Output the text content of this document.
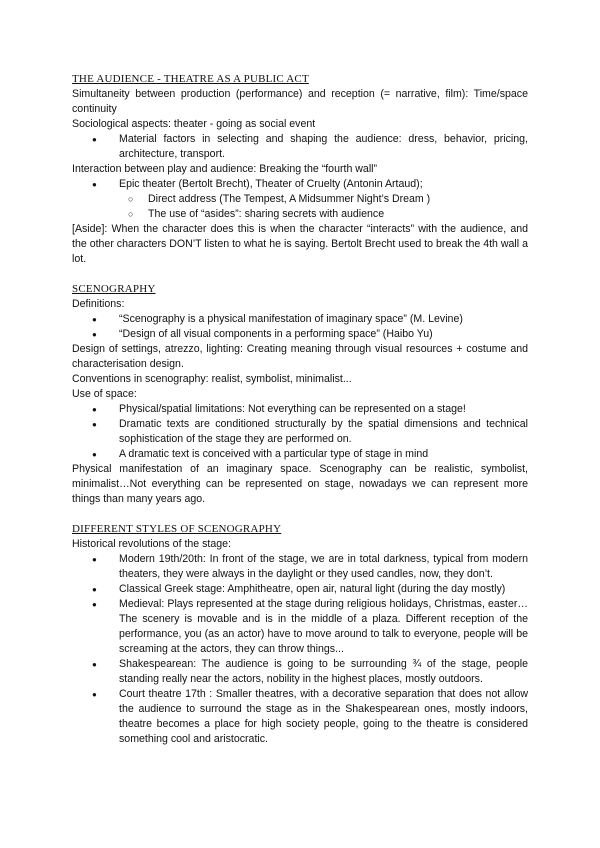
THE AUDIENCE - THEATRE AS A PUBLIC ACT

Simultaneity between production (performance) and reception (= narrative, film): Time/space continuity

Sociological aspects: theater - going as social event

● Material factors in selecting and shaping the audience: dress, behavior, pricing, architecture, transport.

Interaction between play and audience: Breaking the “fourth wall”

● Epic theater (Bertolt Brecht), Theater of Cruelty (Antonin Artaud);
○ Direct address (The Tempest, A Midsummer Night’s Dream )
○ The use of “asides”: sharing secrets with audience

[Aside]: When the character does this is when the character “interacts” with the audience, and the other characters DON’T listen to what he is saying. Bertolt Brecht used to break the 4th wall a lot.

SCENOGRAPHY

Definitions:

● “Scenography is a physical manifestation of imaginary space” (M. Levine)
● “Design of all visual components in a performing space” (Haibo Yu)

Design of settings, atrezzo, lighting: Creating meaning through visual resources + costume and characterisation design.

Conventions in scenography: realist, symbolist, minimalist...

Use of space:

● Physical/spatial limitations: Not everything can be represented on a stage!
● Dramatic texts are conditioned structurally by the spatial dimensions and technical sophistication of the stage they are performed on.
● A dramatic text is conceived with a particular type of stage in mind

Physical manifestation of an imaginary space. Scenography can be realistic, symbolist, minimalist…Not everything can be represented on stage, nowadays we can represent more things than many years ago.

DIFFERENT STYLES OF SCENOGRAPHY

Historical revolutions of the stage:

● Modern 19th/20th: In front of the stage, we are in total darkness, typical from modern theaters, they were always in the daylight or they used candles, now, they don’t.
● Classical Greek stage: Amphitheatre, open air, natural light (during the day mostly)
● Medieval: Plays represented at the stage during religious holidays, Christmas, easter… The scenery is movable and is in the middle of a plaza. Different reception of the performance, you (as an actor) have to move around to talk to everyone, people will be screaming at the actors, they can throw things...
● Shakespearean: The audience is going to be surrounding ¾ of the stage, people standing really near the actors, nobility in the highest places, mostly outdoors.
● Court theatre 17th : Smaller theatres, with a decorative separation that does not allow the audience to surround the stage as in the Shakespearean ones, mostly indoors, theatre becomes a place for high society people, going to the theatre is considered something cool and aristocratic.
